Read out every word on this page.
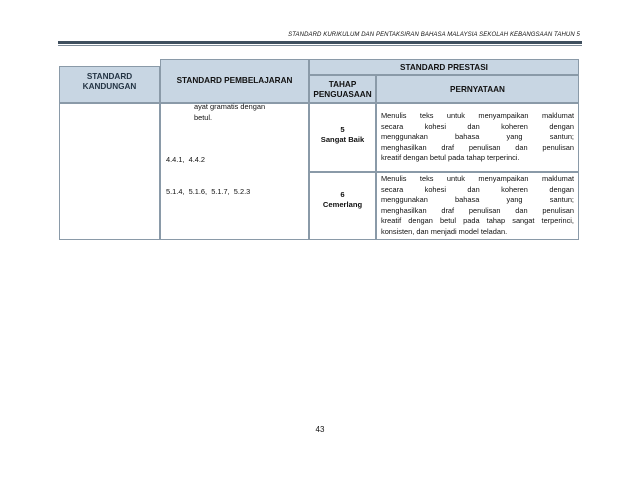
STANDARD KURIKULUM DAN PENTAKSIRAN BAHASA MALAYSIA SEKOLAH KEBANGSAAN TAHUN 5
STANDARD KANDUNGAN
STANDARD PEMBELAJARAN
STANDARD PRESTASI
TAHAP PENGUASAAN
PERNYATAAN
ayat gramatis dengan
betul.

4.4.1,  4.4.2

5.1.4,  5.1.6,  5.1.7,  5.2.3

5
Sangat Baik
Menulis teks untuk menyampaikan maklumat
secara kohesi dan koheren dengan
menggunakan bahasa yang santun;
menghasilkan draf penulisan dan penulisan
kreatif dengan betul pada tahap terperinci.
6
Cemerlang
Menulis teks untuk menyampaikan maklumat
secara kohesi dan koheren dengan
menggunakan bahasa yang santun;
menghasilkan draf penulisan dan penulisan
kreatif dengan betul pada tahap sangat terperinci,
konsisten, dan menjadi model teladan.
43
